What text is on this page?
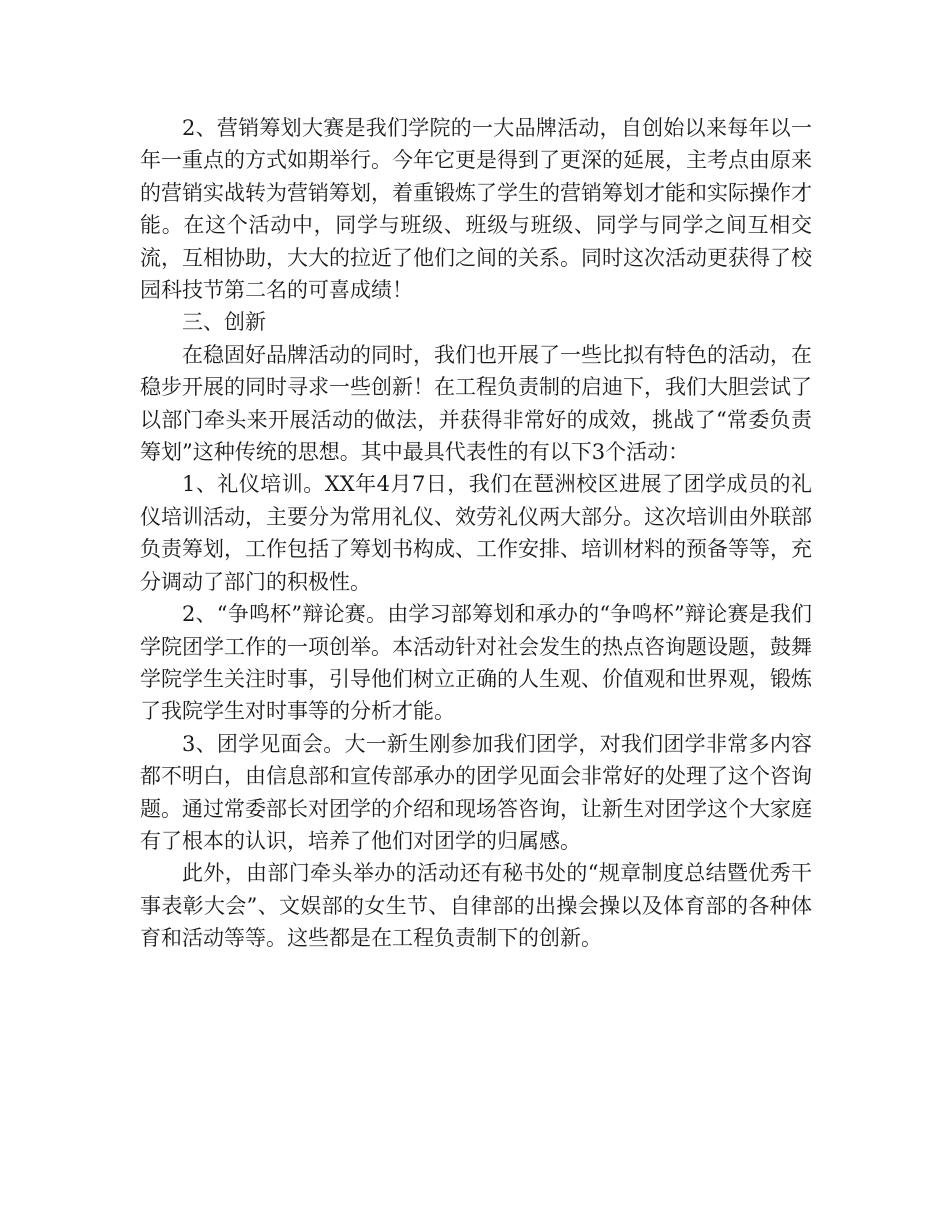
2、营销筹划大赛是我们学院的一大品牌活动，自创始以来每年以一年一重点的方式如期举行。今年它更是得到了更深的延展，主考点由原来的营销实战转为营销筹划，着重锻炼了学生的营销筹划才能和实际操作才能。在这个活动中，同学与班级、班级与班级、同学与同学之间互相交流，互相协助，大大的拉近了他们之间的关系。同时这次活动更获得了校园科技节第二名的可喜成绩！

三、创新

在稳固好品牌活动的同时，我们也开展了一些比拟有特色的活动，在稳步开展的同时寻求一些创新！在工程负责制的启迪下，我们大胆尝试了以部门牵头来开展活动的做法，并获得非常好的成效，挑战了“常委负责筹划”这种传统的思想。其中最具代表性的有以下3个活动：

1、礼仪培训。XX年4月7日，我们在琶洲校区进展了团学成员的礼仪培训活动，主要分为常用礼仪、效劳礼仪两大部分。这次培训由外联部负责筹划，工作包括了筹划书构成、工作安排、培训材料的预备等等，充分调动了部门的积极性。

2、“争鸣杯”辩论赛。由学习部筹划和承办的“争鸣杯”辩论赛是我们学院团学工作的一项创举。本活动针对社会发生的热点咨询题设题，鼓舞学院学生关注时事，引导他们树立正确的人生观、价值观和世界观，锻炼了我院学生对时事等的分析才能。

3、团学见面会。大一新生刚参加我们团学，对我们团学非常多内容都不明白，由信息部和宣传部承办的团学见面会非常好的处理了这个咨询题。通过常委部长对团学的介绍和现场答咨询，让新生对团学这个大家庭有了根本的认识，培养了他们对团学的归属感。

此外，由部门牵头举办的活动还有秘书处的“规章制度总结暨优秀干事表彰大会”、文娱部的女生节、自律部的出操会操以及体育部的各种体育和活动等等。这些都是在工程负责制下的创新。
